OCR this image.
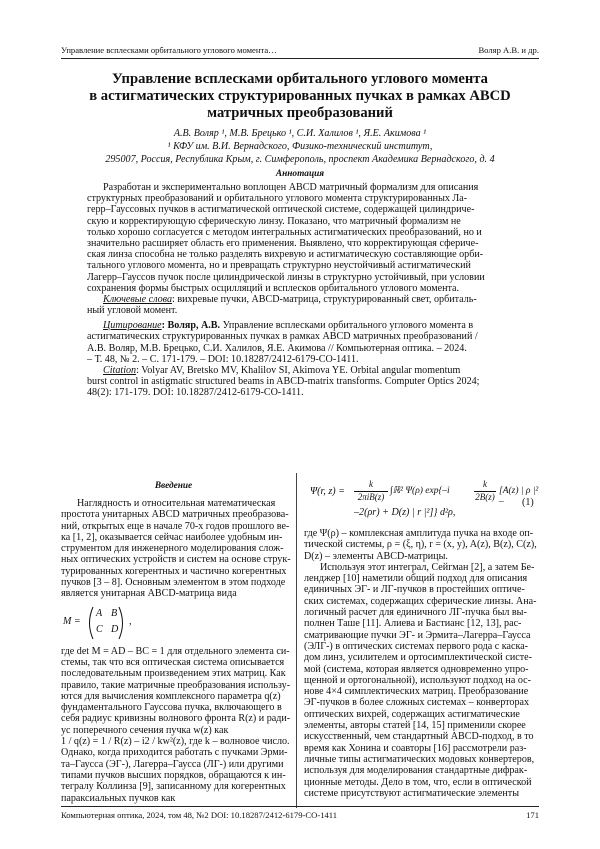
Управление всплесками орбитального углового момента…	Воляр А.В. и др.
Управление всплесками орбитального углового момента
в астигматических структурированных пучках в рамках ABCD
матричных преобразований
А.В. Воляр ¹, М.В. Брецько ¹, С.И. Халилов ¹, Я.Е. Акимова ¹
¹ КФУ им. В.И. Вернадского, Физико-технический институт,
295007, Россия, Республика Крым, г. Симферополь, проспект Академика Вернадского, д. 4
Аннотация
Разработан и экспериментально воплощен ABCD матричный формализм для описания
структурных преобразований и орбитального углового момента структурированных Ла-
герр–Гауссовых пучков в астигматической оптической системе, содержащей цилиндриче-
скую и корректирующую сферическую линзу. Показано, что матричный формализм не
только хорошо согласуется с методом интегральных астигматических преобразований, но и
значительно расширяет область его применения. Выявлено, что корректирующая сфериче-
ская линза способна не только разделять вихревую и астигматическую составляющие орби-
тального углового момента, но и превращать структурно неустойчивый астигматический
Лагерр–Гауссов пучок после цилиндрической линзы в структурно устойчивый, при условии
сохранения формы быстрых осцилляций и всплесков орбитального углового момента.
Ключевые слова: вихревые пучки, ABCD-матрица, структурированный свет, орбиталь-
ный угловой момент.
Цитирование: Воляр, А.В. Управление всплесками орбитального углового момента в
астигматических структурированных пучках в рамках ABCD матричных преобразований /
А.В. Воляр, М.В. Брецько, С.И. Халилов, Я.Е. Акимова // Компьютерная оптика. – 2024.
– Т. 48, № 2. – С. 171-179. – DOI: 10.18287/2412-6179-CO-1411.
Citation: Volyar AV, Bretsko MV, Khalilov SI, Akimova YE. Orbital angular momentum
burst control in astigmatic structured beams in ABCD-matrix transforms. Computer Optics 2024;
48(2): 171-179. DOI: 10.18287/2412-6179-CO-1411.
Введение
Наглядность и относительная математическая
простота унитарных ABCD матричных преобразова-
ний, открытых еще в начале 70-х годов прошлого ве-
ка [1, 2], оказывается сейчас наиболее удобным ин-
струментом для инженерного моделирования слож-
ных оптических устройств и систем на основе струк-
турированных когерентных и частично когерентных
пучков [3 – 8]. Основным элементом в этом подходе
является унитарная ABCD-матрица вида
M =
A B
C D
,
где det M = AD – BC = 1 для отдельного элемента си-
стемы, так что вся оптическая система описывается
последовательным произведением этих матриц. Как
правило, такие матричные преобразования использу-
ются для вычисления комплексного параметра q(z)
фундаментального Гауссова пучка, включающего в
себя радиус кривизны волнового фронта R(z) и ради-
ус поперечного сечения пучка w(z) как
1 / q(z) = 1 / R(z) – i2 / kw²(z), где k – волновое число.
Однако, когда приходится работать с пучками Эрми-
та–Гаусса (ЭГ-), Лагерра–Гаусса (ЛГ-) или другими
типами пучков высших порядков, обращаются к ин-
тегралу Коллинза [9], записанному для когерентных
параксиальных пучков как
Ψ(r, z) =
k
2πiB(z)
∫ℝ² Ψ(ρ) exp{–i
k
2B(z)
[A(z) | ρ |² –
–2(ρr) + D(z) | r |²]} d²ρ,
(1)
где Ψ(ρ) – комплексная амплитуда пучка на входе оп-
тической системы, ρ = (ξ, η), r = (x, y), A(z), B(z), C(z),
D(z) – элементы ABCD-матрицы.
Используя этот интеграл, Сейгман [2], а затем Бе-
ленджер [10] наметили общий подход для описания
единичных ЭГ- и ЛГ-пучков в простейших оптиче-
ских системах, содержащих сферические линзы. Ана-
логичный расчет для единичного ЛГ-пучка был вы-
полнен Таше [11]. Алиева и Бастианс [12, 13], рас-
сматривающие пучки ЭГ- и Эрмита–Лагерра–Гаусса
(ЭЛГ-) в оптических системах первого рода с каска-
дом линз, усилителем и ортосимплектической систе-
мой (система, которая является одновременно упро-
щенной и ортогональной), используют подход на ос-
нове 4×4 симплектических матриц. Преобразование
ЭГ-пучков в более сложных системах – конверторах
оптических вихрей, содержащих астигматические
элементы, авторы статей [14, 15] применили скорее
искусственный, чем стандартный ABCD-подход, в то
время как Хонина и соавторы [16] рассмотрели раз-
личные типы астигматических модовых конвертеров,
используя для моделирования стандартные дифрак-
ционные методы. Дело в том, что, если в оптической
системе присутствуют астигматические элементы
Компьютерная оптика, 2024, том 48, №2 DOI: 10.18287/2412-6179-CO-1411	171
